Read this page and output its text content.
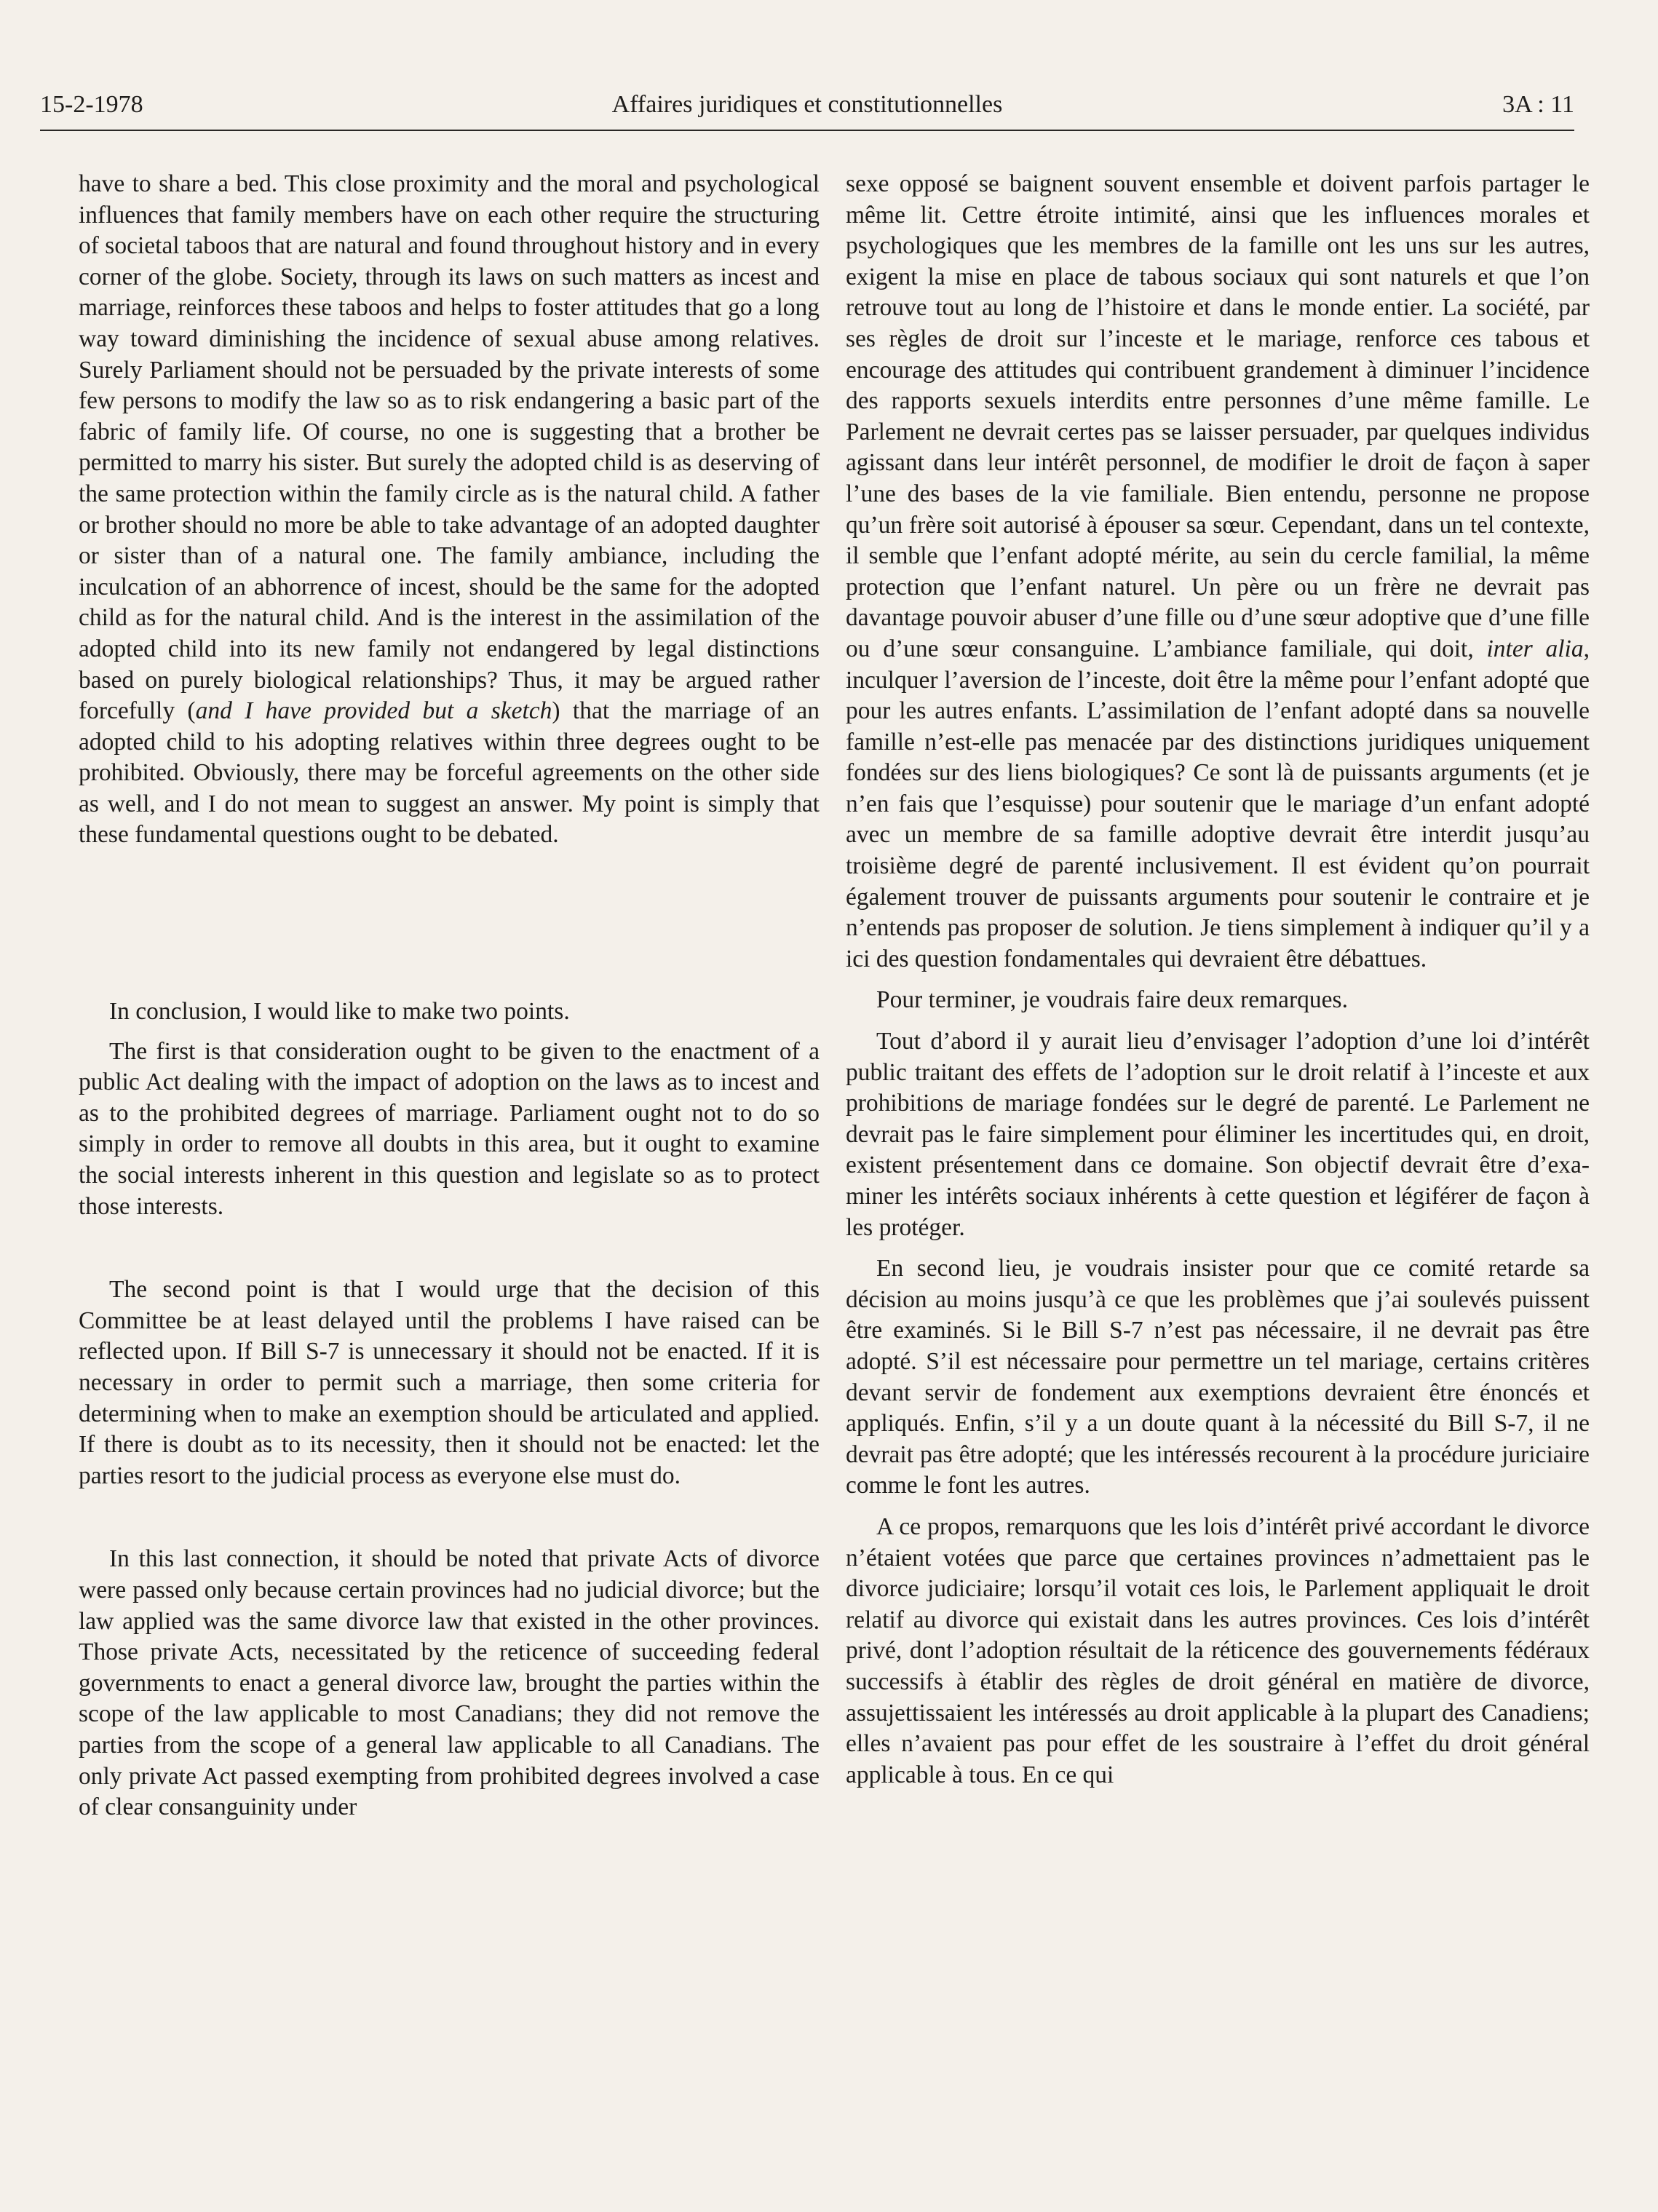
15-2-1978	Affaires juridiques et constitutionnelles	3A : 11

have to share a bed. This close proximity and the moral and psychological influences that family members have on each other require the structuring of societal taboos that are natural and found throughout history and in every corner of the globe. Society, through its laws on such matters as incest and marriage, reinforces these taboos and helps to foster attitudes that go a long way toward diminishing the incidence of sexual abuse among relatives. Surely Parliament should not be persuaded by the private interests of some few persons to modify the law so as to risk endangering a basic part of the fabric of family life. Of course, no one is suggesting that a brother be permitted to marry his sister. But surely the adopted child is as deserving of the same protection within the family circle as is the natural child. A father or brother should no more be able to take advantage of an adopted daughter or sister than of a natural one. The family ambiance, including the inculcation of an abhorrence of incest, should be the same for the adopted child as for the natural child. And is the interest in the assimilation of the adopted child into its new family not endangered by legal distinctions based on purely biological relationships? Thus, it may be argued rather forcefully (and I have provided but a sketch) that the marriage of an adopted child to his adopting relatives within three degrees ought to be prohibited. Obviously, there may be forceful agreements on the other side as well, and I do not mean to suggest an answer. My point is simply that these fundamental questions ought to be debated.

In conclusion, I would like to make two points.

The first is that consideration ought to be given to the enactment of a public Act dealing with the impact of adoption on the laws as to incest and as to the prohibited degrees of marriage. Parliament ought not to do so simply in order to remove all doubts in this area, but it ought to examine the social interests inherent in this question and legislate so as to protect those interests.

The second point is that I would urge that the decision of this Committee be at least delayed until the problems I have raised can be reflected upon. If Bill S-7 is unnecessary it should not be enacted. If it is necessary in order to permit such a marriage, then some criteria for determining when to make an exemption should be articulated and applied. If there is doubt as to its necessity, then it should not be enacted: let the parties resort to the judicial process as everyone else must do.

In this last connection, it should be noted that private Acts of divorce were passed only because certain provinces had no judicial divorce; but the law applied was the same divorce law that existed in the other provinces. Those private Acts, necessitated by the reticence of succeeding federal governments to enact a general divorce law, brought the parties within the scope of the law applicable to most Canadians; they did not remove the parties from the scope of a general law applicable to all Canadians. The only private Act passed exempting from prohibited degrees involved a case of clear consanguinity under

sexe opposé se baignent souvent ensemble et doivent parfois partager le même lit. Cettre étroite intimité, ainsi que les influences morales et psychologiques que les membres de la famille ont les uns sur les autres, exigent la mise en place de tabous sociaux qui sont naturels et que l’on retrouve tout au long de l’histoire et dans le monde entier. La société, par ses règles de droit sur l’inceste et le mariage, renforce ces tabous et encourage des attitudes qui contribuent grandement à diminuer l’incidence des rapports sexuels interdits entre personnes d’une même famille. Le Parlement ne devrait certes pas se laisser persuader, par quelques individus agissant dans leur intérêt personnel, de modifier le droit de façon à saper l’une des bases de la vie familiale. Bien entendu, personne ne propose qu’un frère soit autorisé à épouser sa sœur. Cependant, dans un tel contexte, il semble que l’enfant adopté mérite, au sein du cercle familial, la même protection que l’enfant naturel. Un père ou un frère ne devrait pas davantage pouvoir abuser d’une fille ou d’une sœur adoptive que d’une fille ou d’une sœur consanguine. L’ambiance familiale, qui doit, inter alia, inculquer l’aversion de l’inceste, doit être la même pour l’enfant adopté que pour les autres enfants. L’assimilation de l’enfant adopté dans sa nouvelle famille n’est-elle pas menacée par des distinctions juridiques uniquement fondées sur des liens biologiques? Ce sont là de puissants arguments (et je n’en fais que l’esquisse) pour soutenir que le mariage d’un enfant adopté avec un membre de sa famille adoptive devrait être interdit jusqu’au troisième degré de parenté inclusivement. Il est évident qu’on pourrait également trouver de puissants arguments pour soutenir le contraire et je n’entends pas proposer de solution. Je tiens simplement à indiquer qu’il y a ici des question fondamentales qui devraient être débattues.

Pour terminer, je voudrais faire deux remarques.

Tout d’abord il y aurait lieu d’envisager l’adoption d’une loi d’intérêt public traitant des effets de l’adoption sur le droit relatif à l’inceste et aux prohibitions de mariage fondées sur le degré de parenté. Le Parlement ne devrait pas le faire simplement pour éliminer les incertitudes qui, en droit, existent présentement dans ce domaine. Son objectif devrait être d’examiner les intérêts sociaux inhérents à cette question et légiférer de façon à les protéger.

En second lieu, je voudrais insister pour que ce comité retarde sa décision au moins jusqu’à ce que les problèmes que j’ai soulevés puissent être examinés. Si le Bill S-7 n’est pas nécessaire, il ne devrait pas être adopté. S’il est nécessaire pour permettre un tel mariage, certains critères devant servir de fondement aux exemptions devraient être énoncés et appliqués. Enfin, s’il y a un doute quant à la nécessité du Bill S-7, il ne devrait pas être adopté; que les intéressés recourent à la procédure juriciaire comme le font les autres.

A ce propos, remarquons que les lois d’intérêt privé accordant le divorce n’étaient votées que parce que certaines provinces n’admettaient pas le divorce judiciaire; lorsqu’il votait ces lois, le Parlement appliquait le droit relatif au divorce qui existait dans les autres provinces. Ces lois d’intérêt privé, dont l’adoption résultait de la réticence des gouvernements fédéraux successifs à établir des règles de droit général en matière de divorce, assujettissaient les intéressés au droit applicable à la plupart des Canadiens; elles n’avaient pas pour effet de les soustraire à l’effet du droit général applicable à tous. En ce qui
